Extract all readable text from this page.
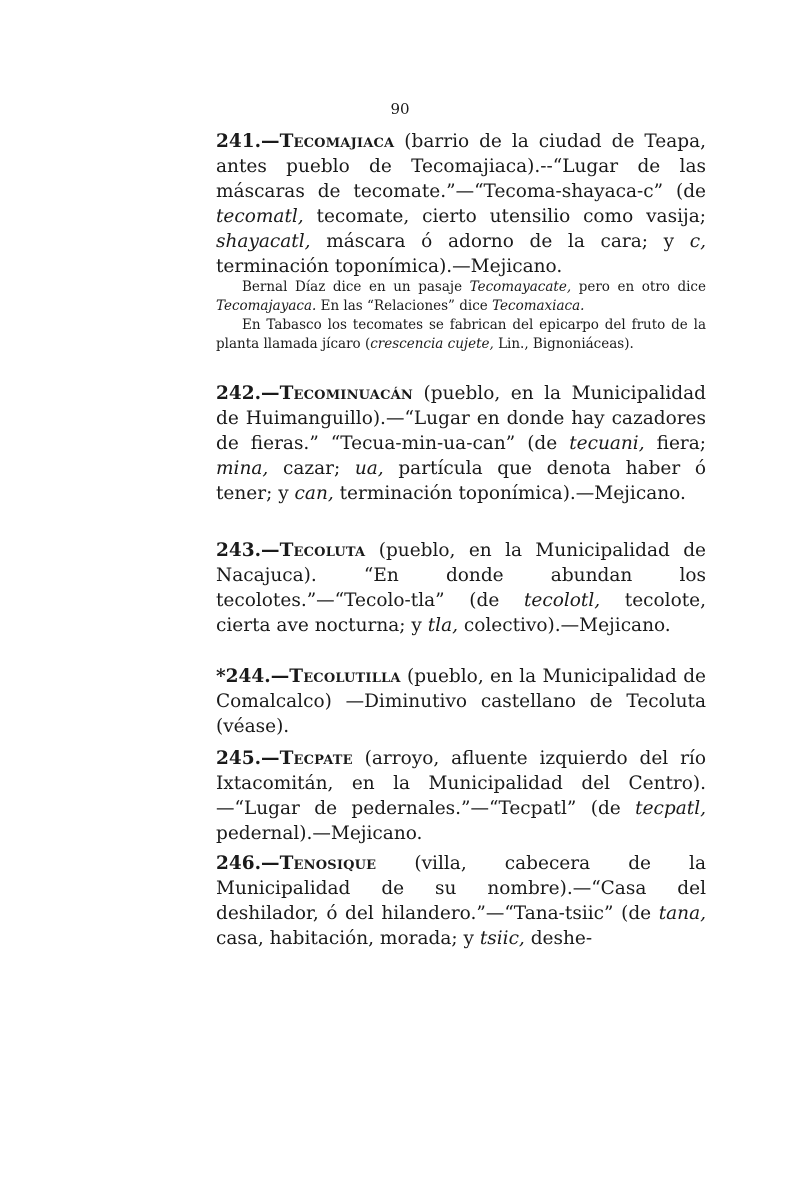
90
241.—Tecomajiaca (barrio de la ciudad de Teapa, antes pueblo de Tecomajiaca).--“Lugar de las máscaras de tecomate.”—“Tecoma-shayaca-c” (de tecomatl, tecomate, cierto utensilio como vasija; shayacatl, máscara ó adorno de la cara; y c, terminación toponímica).—Mejicano.

Bernal Díaz dice en un pasaje Tecomayacate, pero en otro dice Tecomajayaca. En las “Relaciones” dice Tecomaxiaca.

En Tabasco los tecomates se fabrican del epicarpo del fruto de la planta llamada jícaro (crescencia cujete, Lin., Bignoniáceas).

242.—Tecominuacán (pueblo, en la Municipalidad de Huimanguillo).—“Lugar en donde hay cazadores de fieras.” “Tecua-min-ua-can” (de tecuani, fiera; mina, cazar; ua, partícula que denota haber ó tener; y can, terminación toponímica).—Mejicano.
243.—Tecoluta (pueblo, en la Municipalidad de Nacajuca). “En donde abundan los tecolotes.”—“Tecolo-tla” (de tecolotl, tecolote, cierta ave nocturna; y tla, colectivo).—Mejicano.
*244.—Tecolutilla (pueblo, en la Municipalidad de Comalcalco) —Diminutivo castellano de Tecoluta (véase).
245.—Tecpate (arroyo, afluente izquierdo del río Ixtacomitán, en la Municipalidad del Centro).—“Lugar de pedernales.”—“Tecpatl” (de tecpatl, pedernal).—Mejicano.
246.—Tenosique (villa, cabecera de la Municipalidad de su nombre).—“Casa del deshilador, ó del hilandero.”—“Tana-tsiic” (de tana, casa, habitación, morada; y tsiic, deshe-
